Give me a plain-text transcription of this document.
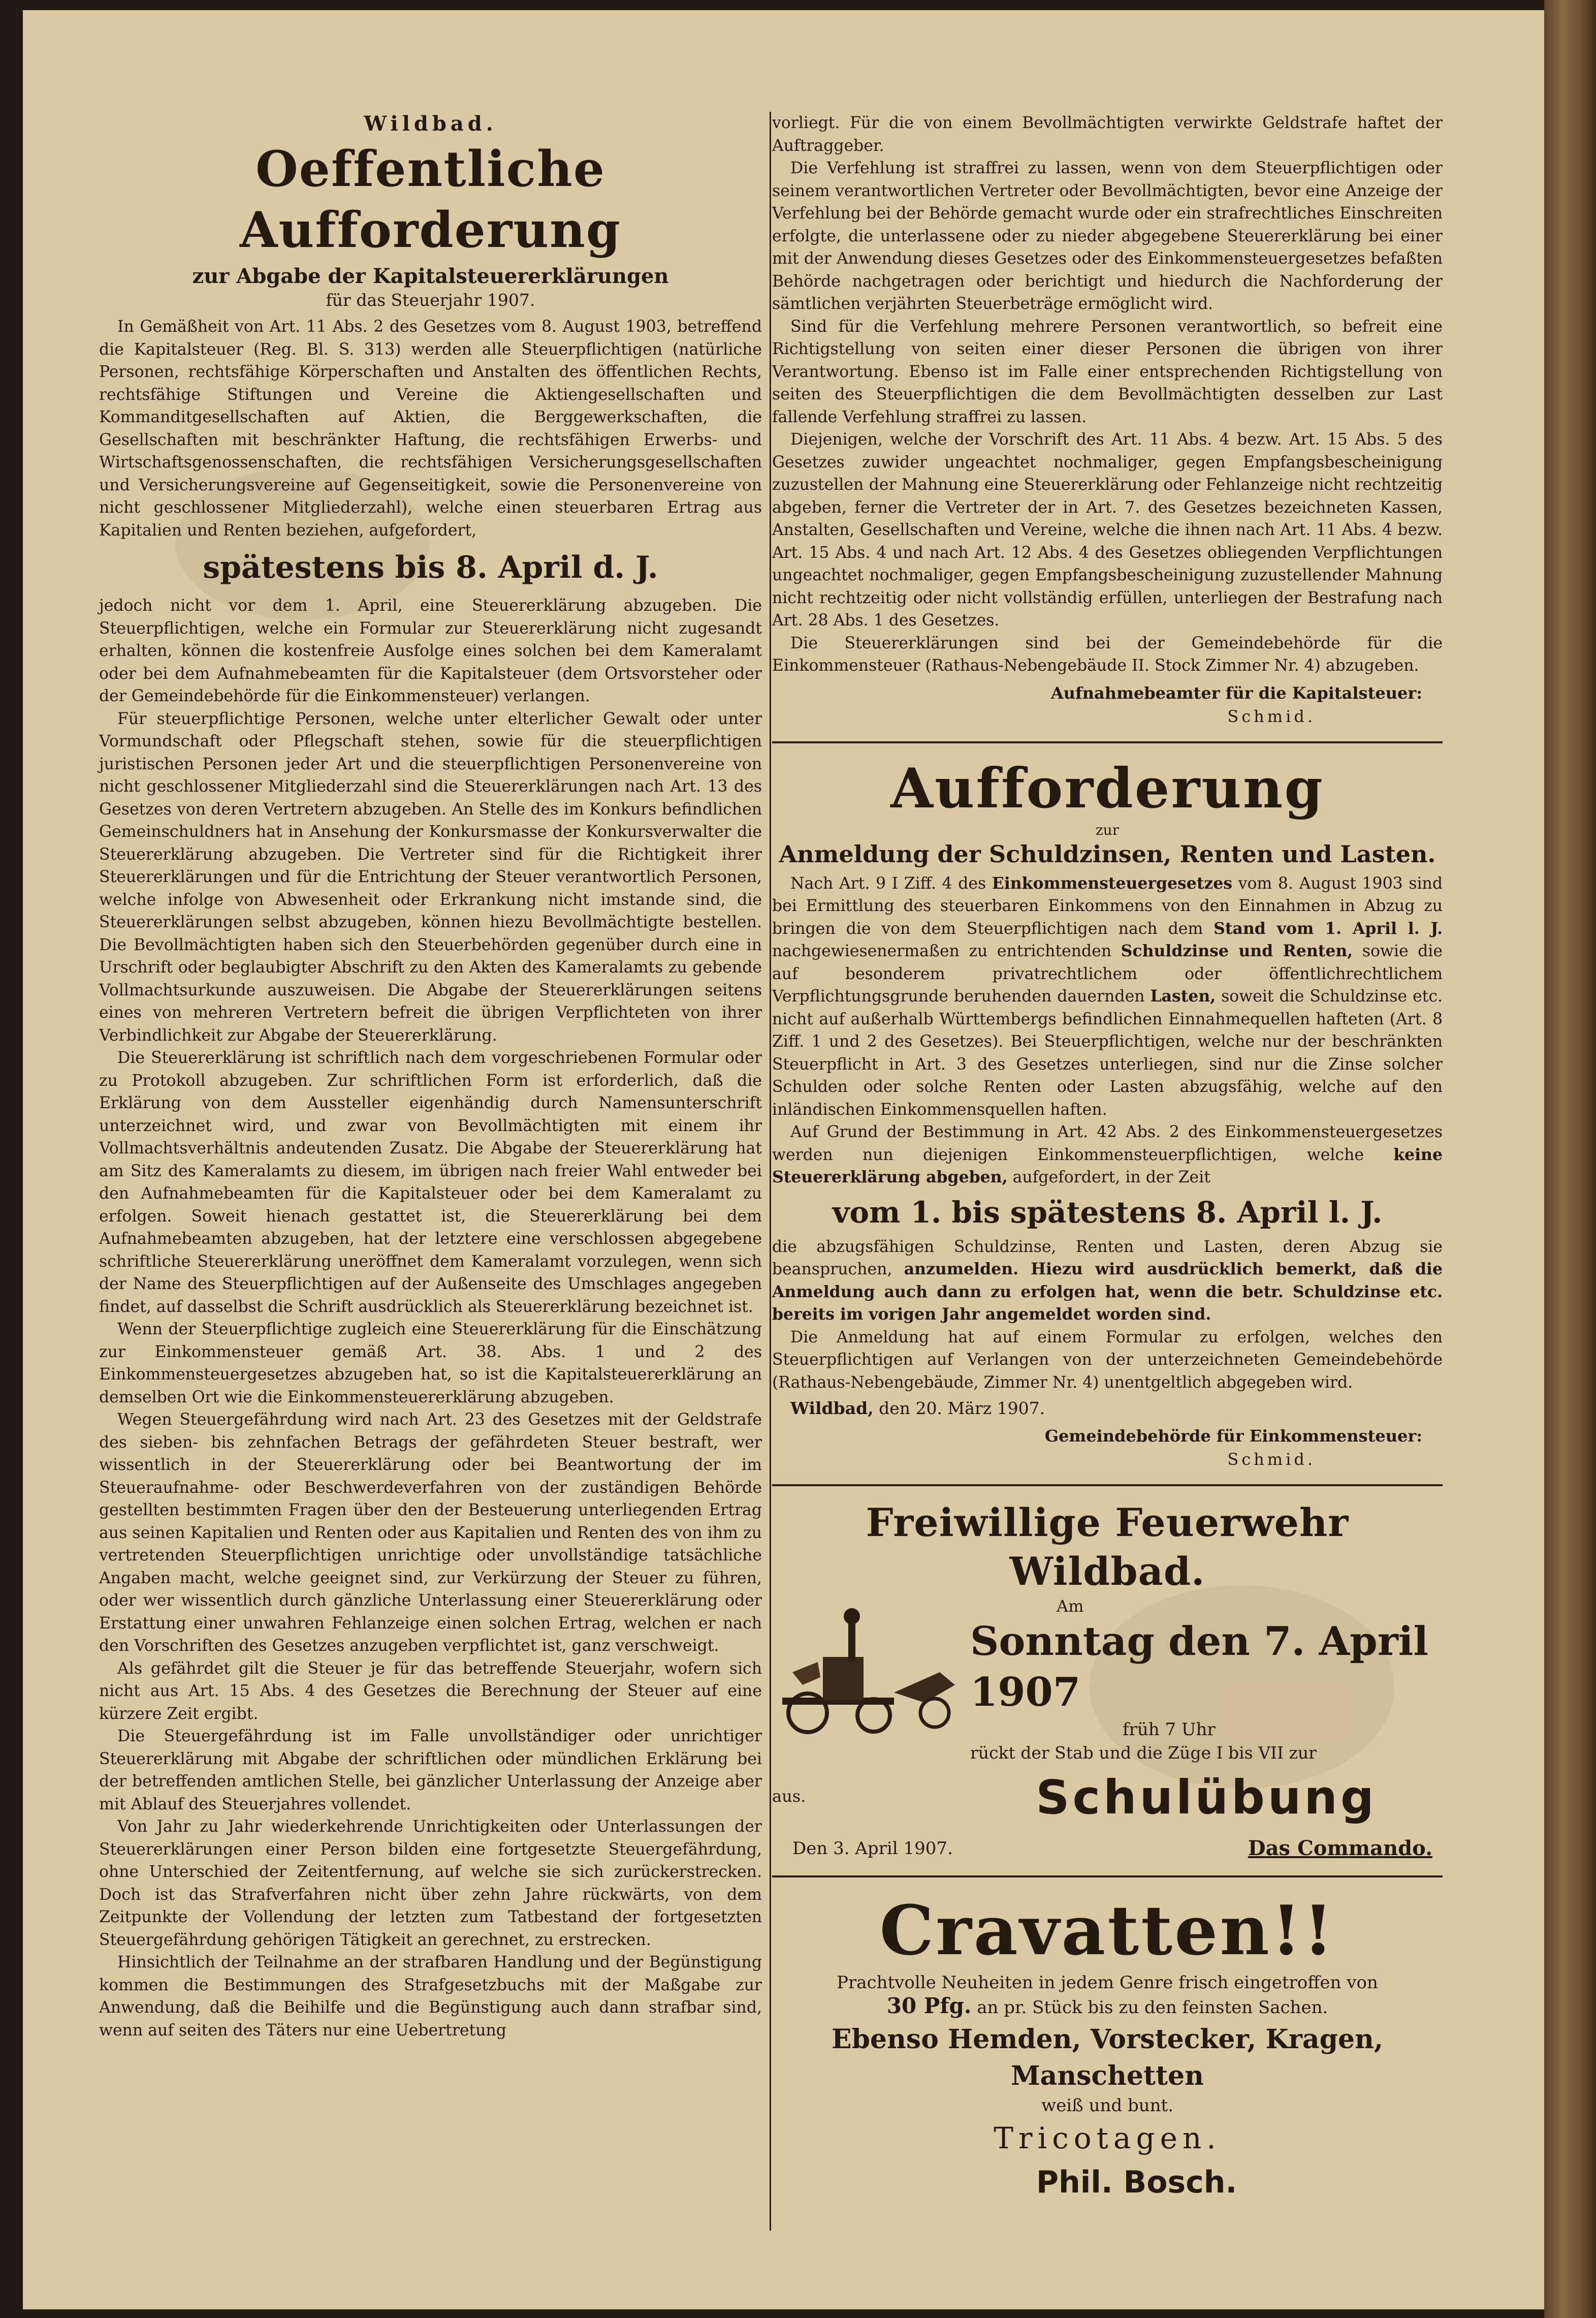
Wildbad.

Oeffentliche Aufforderung

zur Abgabe der Kapitalsteuererklärungen

für das Steuerjahr 1907.

In Gemäßheit von Art. 11 Abs. 2 des Gesetzes vom 8. August 1903, betreffend die Kapitalsteuer (Reg. Bl. S. 313) werden alle Steuerpflichtigen (natürliche Personen, rechtsfähige Körperschaften und Anstalten des öffentlichen Rechts, rechtsfähige Stiftungen und Vereine die Aktiengesellschaften und Kommanditgesellschaften auf Aktien, die Berggewerkschaften, die Gesellschaften mit beschränkter Haftung, die rechtsfähigen Erwerbs- und Wirtschaftsgenossenschaften, die rechtsfähigen Versicherungsgesellschaften und Versicherungsvereine auf Gegenseitigkeit, sowie die Personenvereine von nicht geschlossener Mitgliederzahl), welche einen steuerbaren Ertrag aus Kapitalien und Renten beziehen, aufgefordert,

spätestens bis 8. April d. J.

jedoch nicht vor dem 1. April, eine Steuererklärung abzugeben. Die Steuerpflichtigen, welche ein Formular zur Steuererklärung nicht zugesandt erhalten, können die kostenfreie Ausfolge eines solchen bei dem Kameralamt oder bei dem Aufnahmebeamten für die Kapitalsteuer (dem Ortsvorsteher oder der Gemeindebehörde für die Einkommensteuer) verlangen.

Für steuerpflichtige Personen, welche unter elterlicher Gewalt oder unter Vormundschaft oder Pflegschaft stehen, sowie für die steuerpflichtigen juristischen Personen jeder Art und die steuerpflichtigen Personenvereine von nicht geschlossener Mitgliederzahl sind die Steuererklärungen nach Art. 13 des Gesetzes von deren Vertretern abzugeben. An Stelle des im Konkurs befindlichen Gemeinschuldners hat in Ansehung der Konkursmasse der Konkursverwalter die Steuererklärung abzugeben. Die Vertreter sind für die Richtigkeit ihrer Steuererklärungen und für die Entrichtung der Steuer verantwortlich Personen, welche infolge von Abwesenheit oder Erkrankung nicht imstande sind, die Steuererklärungen selbst abzugeben, können hiezu Bevollmächtigte bestellen. Die Bevollmächtigten haben sich den Steuerbehörden gegenüber durch eine in Urschrift oder beglaubigter Abschrift zu den Akten des Kameralamts zu gebende Vollmachtsurkunde auszuweisen. Die Abgabe der Steuererklärungen seitens eines von mehreren Vertretern befreit die übrigen Verpflichteten von ihrer Verbindlichkeit zur Abgabe der Steuererklärung.

Die Steuererklärung ist schriftlich nach dem vorgeschriebenen Formular oder zu Protokoll abzugeben. Zur schriftlichen Form ist erforderlich, daß die Erklärung von dem Aussteller eigenhändig durch Namensunterschrift unterzeichnet wird, und zwar von Bevollmächtigten mit einem ihr Vollmachtsverhältnis andeutenden Zusatz. Die Abgabe der Steuererklärung hat am Sitz des Kameralamts zu diesem, im übrigen nach freier Wahl entweder bei den Aufnahmebeamten für die Kapitalsteuer oder bei dem Kameralamt zu erfolgen. Soweit hienach gestattet ist, die Steuererklärung bei dem Aufnahmebeamten abzugeben, hat der letztere eine verschlossen abgegebene schriftliche Steuererklärung uneröffnet dem Kameralamt vorzulegen, wenn sich der Name des Steuerpflichtigen auf der Außenseite des Umschlages angegeben findet, auf dasselbst die Schrift ausdrücklich als Steuererklärung bezeichnet ist.

Wenn der Steuerpflichtige zugleich eine Steuererklärung für die Einschätzung zur Einkommensteuer gemäß Art. 38. Abs. 1 und 2 des Einkommensteuergesetzes abzugeben hat, so ist die Kapitalsteuererklärung an demselben Ort wie die Einkommensteuererklärung abzugeben.

Wegen Steuergefährdung wird nach Art. 23 des Gesetzes mit der Geldstrafe des sieben- bis zehnfachen Betrags der gefährdeten Steuer bestraft, wer wissentlich in der Steuererklärung oder bei Beantwortung der im Steueraufnahme- oder Beschwerdeverfahren von der zuständigen Behörde gestellten bestimmten Fragen über den der Besteuerung unterliegenden Ertrag aus seinen Kapitalien und Renten oder aus Kapitalien und Renten des von ihm zu vertretenden Steuerpflichtigen unrichtige oder unvollständige tatsächliche Angaben macht, welche geeignet sind, zur Verkürzung der Steuer zu führen, oder wer wissentlich durch gänzliche Unterlassung einer Steuererklärung oder Erstattung einer unwahren Fehlanzeige einen solchen Ertrag, welchen er nach den Vorschriften des Gesetzes anzugeben verpflichtet ist, ganz verschweigt.

Als gefährdet gilt die Steuer je für das betreffende Steuerjahr, wofern sich nicht aus Art. 15 Abs. 4 des Gesetzes die Berechnung der Steuer auf eine kürzere Zeit ergibt.

Die Steuergefährdung ist im Falle unvollständiger oder unrichtiger Steuererklärung mit Abgabe der schriftlichen oder mündlichen Erklärung bei der betreffenden amtlichen Stelle, bei gänzlicher Unterlassung der Anzeige aber mit Ablauf des Steuerjahres vollendet.

Von Jahr zu Jahr wiederkehrende Unrichtigkeiten oder Unterlassungen der Steuererklärungen einer Person bilden eine fortgesetzte Steuergefährdung, ohne Unterschied der Zeitentfernung, auf welche sie sich zurückerstrecken. Doch ist das Strafverfahren nicht über zehn Jahre rückwärts, von dem Zeitpunkte der Vollendung der letzten zum Tatbestand der fortgesetzten Steuergefährdung gehörigen Tätigkeit an gerechnet, zu erstrecken.

Hinsichtlich der Teilnahme an der strafbaren Handlung und der Begünstigung kommen die Bestimmungen des Strafgesetzbuchs mit der Maßgabe zur Anwendung, daß die Beihilfe und die Begünstigung auch dann strafbar sind, wenn auf seiten des Täters nur eine Uebertretung

vorliegt. Für die von einem Bevollmächtigten verwirkte Geldstrafe haftet der Auftraggeber.

Die Verfehlung ist straffrei zu lassen, wenn von dem Steuerpflichtigen oder seinem verantwortlichen Vertreter oder Bevollmächtigten, bevor eine Anzeige der Verfehlung bei der Behörde gemacht wurde oder ein strafrechtliches Einschreiten erfolgte, die unterlassene oder zu nieder abgegebene Steuererklärung bei einer mit der Anwendung dieses Gesetzes oder des Einkommensteuergesetzes befaßten Behörde nachgetragen oder berichtigt und hiedurch die Nachforderung der sämtlichen verjährten Steuerbeträge ermöglicht wird.

Sind für die Verfehlung mehrere Personen verantwortlich, so befreit eine Richtigstellung von seiten einer dieser Personen die übrigen von ihrer Verantwortung. Ebenso ist im Falle einer entsprechenden Richtigstellung von seiten des Steuerpflichtigen die dem Bevollmächtigten desselben zur Last fallende Verfehlung straffrei zu lassen.

Diejenigen, welche der Vorschrift des Art. 11 Abs. 4 bezw. Art. 15 Abs. 5 des Gesetzes zuwider ungeachtet nochmaliger, gegen Empfangsbescheinigung zuzustellen der Mahnung eine Steuererklärung oder Fehlanzeige nicht rechtzeitig abgeben, ferner die Vertreter der in Art. 7. des Gesetzes bezeichneten Kassen, Anstalten, Gesellschaften und Vereine, welche die ihnen nach Art. 11 Abs. 4 bezw. Art. 15 Abs. 4 und nach Art. 12 Abs. 4 des Gesetzes obliegenden Verpflichtungen ungeachtet nochmaliger, gegen Empfangsbescheinigung zuzustellender Mahnung nicht rechtzeitig oder nicht vollständig erfüllen, unterliegen der Bestrafung nach Art. 28 Abs. 1 des Gesetzes.

Die Steuererklärungen sind bei der Gemeindebehörde für die Einkommensteuer (Rathaus-Nebengebäude II. Stock Zimmer Nr. 4) abzugeben.

Aufnahmebeamter für die Kapitalsteuer:

Schmid.

Aufforderung

zur

Anmeldung der Schuldzinsen, Renten und Lasten.

Nach Art. 9 I Ziff. 4 des Einkommensteuergesetzes vom 8. August 1903 sind bei Ermittlung des steuerbaren Einkommens von den Einnahmen in Abzug zu bringen die von dem Steuerpflichtigen nach dem Stand vom 1. April l. J. nachgewiesenermaßen zu entrichtenden Schuldzinse und Renten, sowie die auf besonderem privatrechtlichem oder öffentlichrechtlichem Verpflichtungsgrunde beruhenden dauernden Lasten, soweit die Schuldzinse etc. nicht auf außerhalb Württembergs befindlichen Einnahmequellen hafteten (Art. 8 Ziff. 1 und 2 des Gesetzes). Bei Steuerpflichtigen, welche nur der beschränkten Steuerpflicht in Art. 3 des Gesetzes unterliegen, sind nur die Zinse solcher Schulden oder solche Renten oder Lasten abzugsfähig, welche auf den inländischen Einkommensquellen haften.

Auf Grund der Bestimmung in Art. 42 Abs. 2 des Einkommensteuergesetzes werden nun diejenigen Einkommensteuerpflichtigen, welche keine Steuererklärung abgeben, aufgefordert, in der Zeit

vom 1. bis spätestens 8. April l. J.

die abzugsfähigen Schuldzinse, Renten und Lasten, deren Abzug sie beanspruchen, anzumelden. Hiezu wird ausdrücklich bemerkt, daß die Anmeldung auch dann zu erfolgen hat, wenn die betr. Schuldzinse etc. bereits im vorigen Jahr angemeldet worden sind.

Die Anmeldung hat auf einem Formular zu erfolgen, welches den Steuerpflichtigen auf Verlangen von der unterzeichneten Gemeindebehörde (Rathaus-Nebengebäude, Zimmer Nr. 4) unentgeltlich abgegeben wird.

Wildbad, den 20. März 1907.

Gemeindebehörde für Einkommensteuer:

Schmid.

Freiwillige Feuerwehr Wildbad.

Am

Sonntag den 7. April 1907

früh 7 Uhr

rückt der Stab und die Züge I bis VII zur

Schulübung

aus.
Den 3. April 1907.	Das Commando.

Cravatten!!

Prachtvolle Neuheiten in jedem Genre frisch eingetroffen von
30 Pfg. an pr. Stück bis zu den feinsten Sachen.

Ebenso Hemden, Vorstecker, Kragen, Manschetten

weiß und bunt.

Tricotagen.

Phil. Bosch.
